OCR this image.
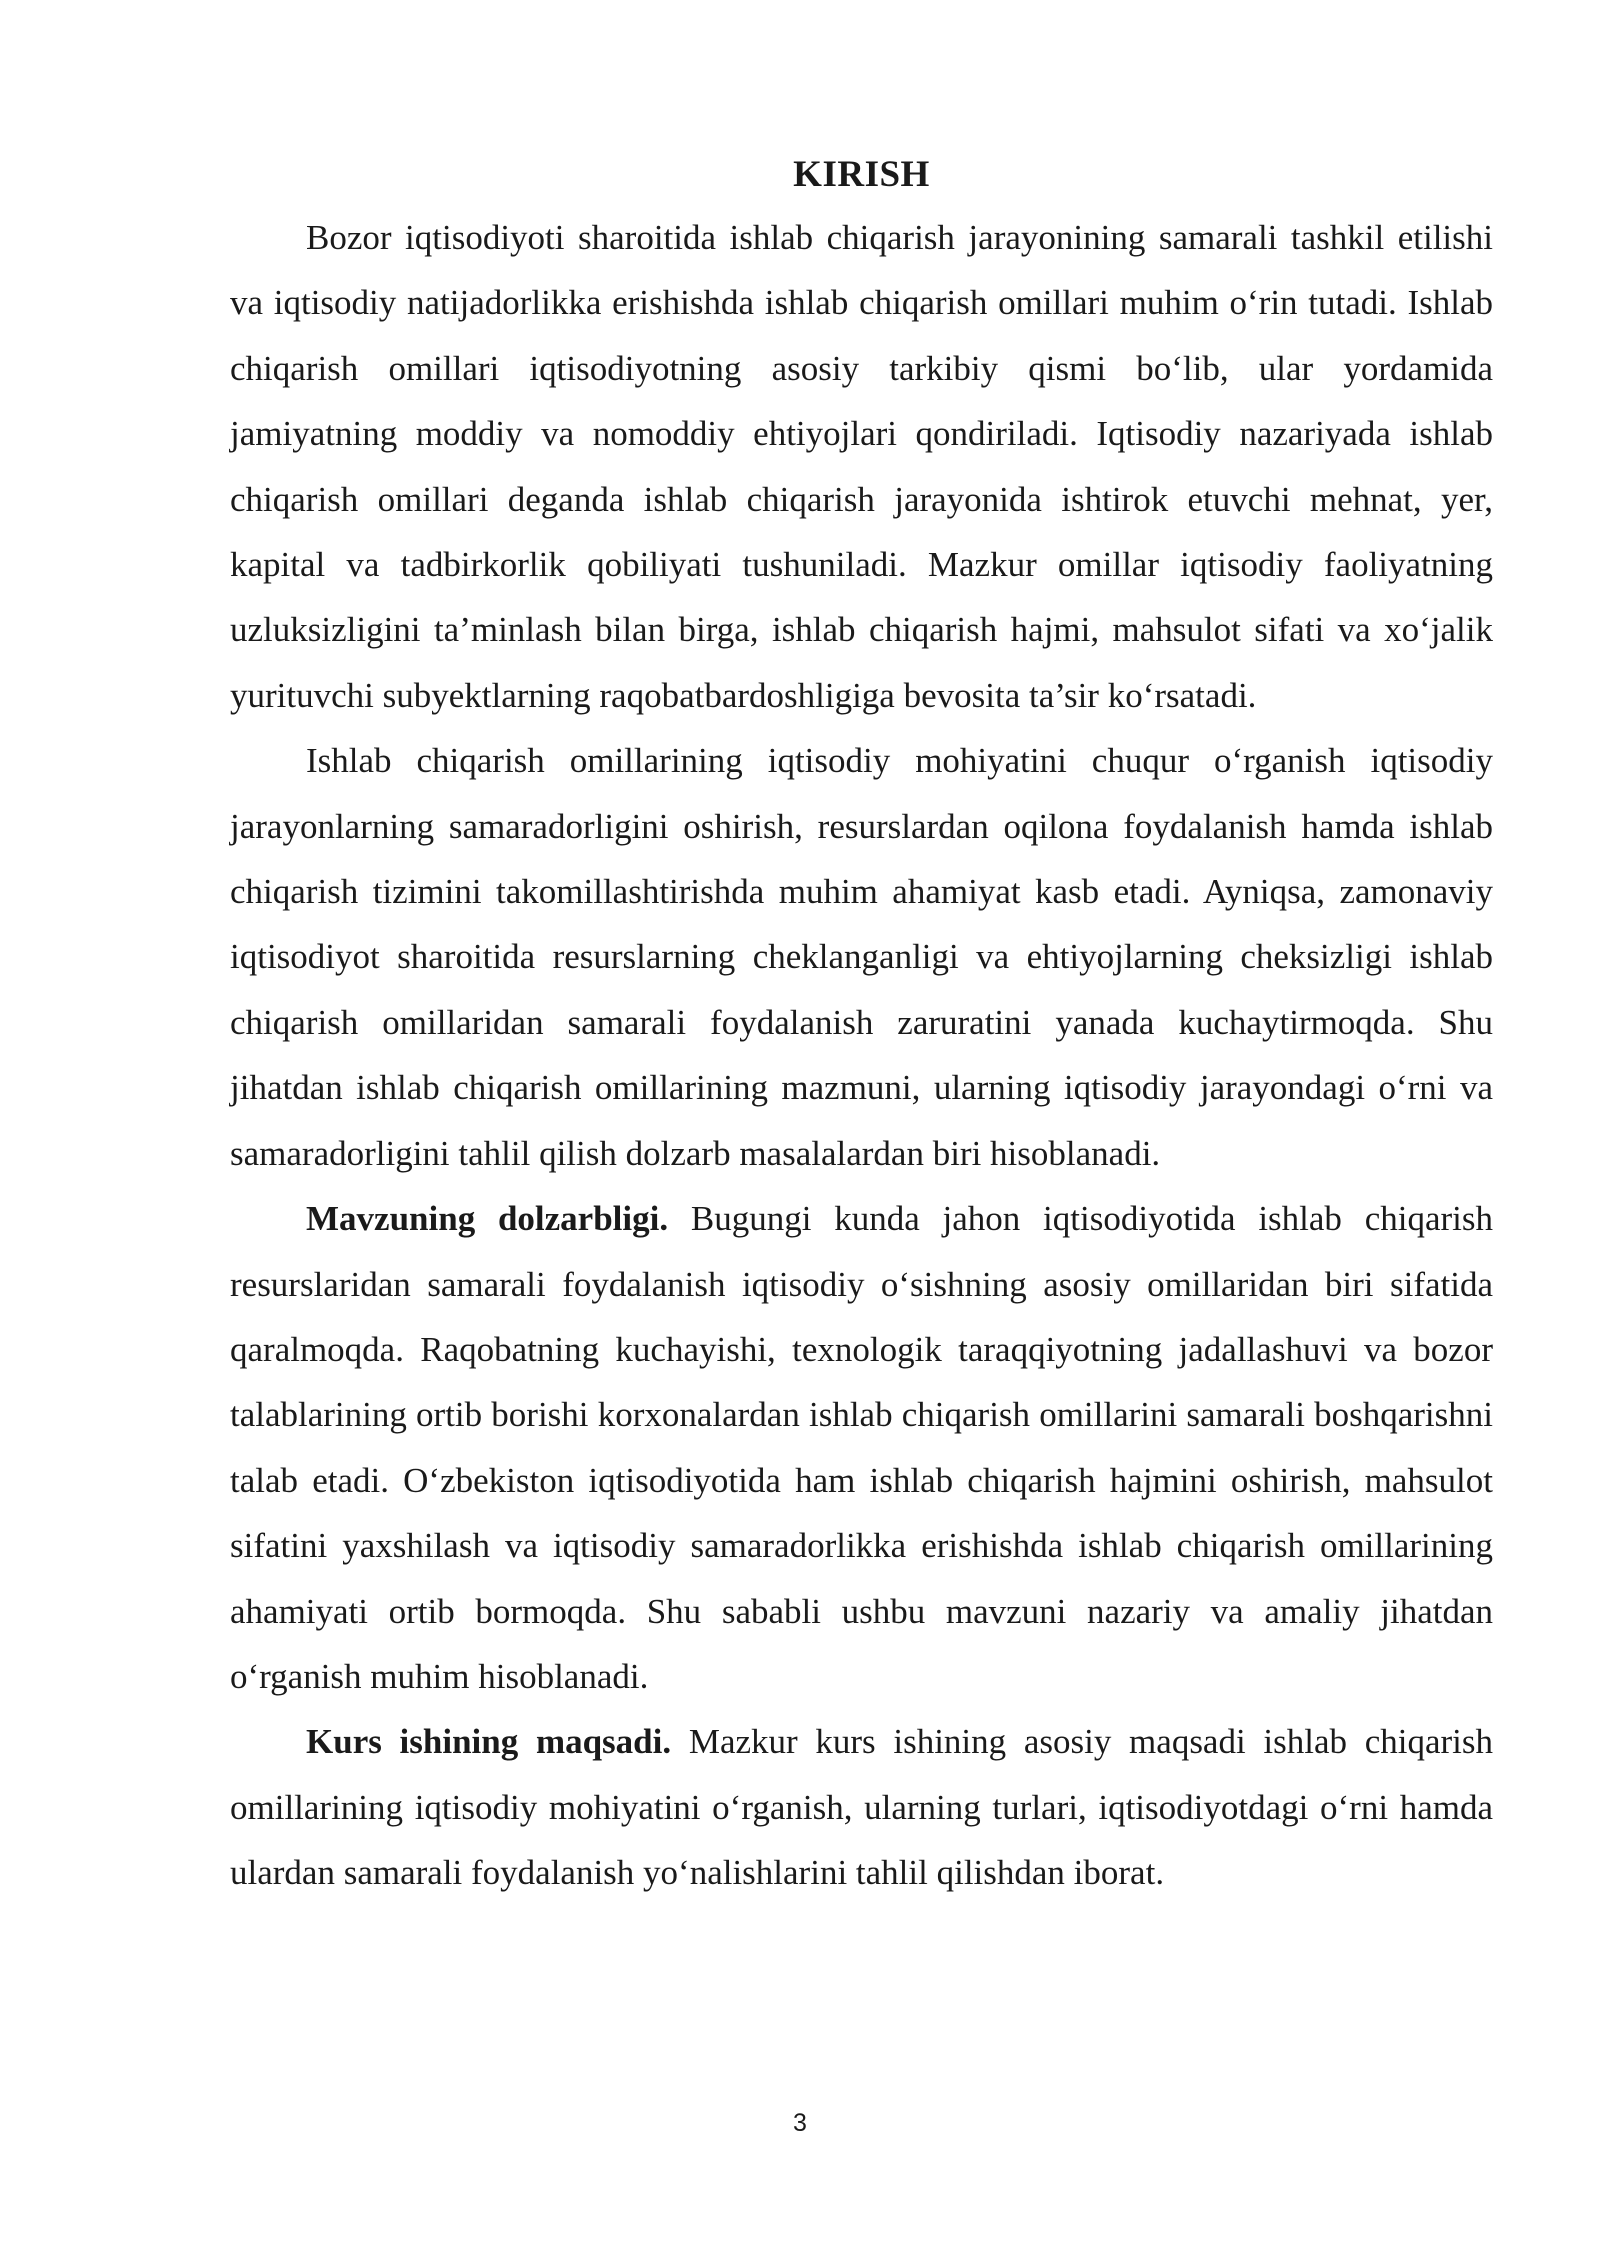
KIRISH

Bozor iqtisodiyoti sharoitida ishlab chiqarish jarayonining samarali tashkil etilishi va iqtisodiy natijadorlikka erishishda ishlab chiqarish omillari muhim o‘rin tutadi. Ishlab chiqarish omillari iqtisodiyotning asosiy tarkibiy qismi bo‘lib, ular yordamida jamiyatning moddiy va nomoddiy ehtiyojlari qondiriladi. Iqtisodiy nazariyada ishlab chiqarish omillari deganda ishlab chiqarish jarayonida ishtirok etuvchi mehnat, yer, kapital va tadbirkorlik qobiliyati tushuniladi. Mazkur omillar iqtisodiy faoliyatning uzluksizligini ta’minlash bilan birga, ishlab chiqarish hajmi, mahsulot sifati va xo‘jalik yurituvchi subyektlarning raqobatbardoshligiga bevosita ta’sir ko‘rsatadi.

Ishlab chiqarish omillarining iqtisodiy mohiyatini chuqur o‘rganish iqtisodiy jarayonlarning samaradorligini oshirish, resurslardan oqilona foydalanish hamda ishlab chiqarish tizimini takomillashtirishda muhim ahamiyat kasb etadi. Ayniqsa, zamonaviy iqtisodiyot sharoitida resurslarning cheklanganligi va ehtiyojlarning cheksizligi ishlab chiqarish omillaridan samarali foydalanish zaruratini yanada kuchaytirmoqda. Shu jihatdan ishlab chiqarish omillarining mazmuni, ularning iqtisodiy jarayondagi o‘rni va samaradorligini tahlil qilish dolzarb masalalardan biri hisoblanadi.

Mavzuning dolzarbligi. Bugungi kunda jahon iqtisodiyotida ishlab chiqarish resurslaridan samarali foydalanish iqtisodiy o‘sishning asosiy omillaridan biri sifatida qaralmoqda. Raqobatning kuchayishi, texnologik taraqqiyotning jadallashuvi va bozor talablarining ortib borishi korxonalardan ishlab chiqarish omillarini samarali boshqarishni talab etadi. O‘zbekiston iqtisodiyotida ham ishlab chiqarish hajmini oshirish, mahsulot sifatini yaxshilash va iqtisodiy samaradorlikka erishishda ishlab chiqarish omillarining ahamiyati ortib bormoqda. Shu sababli ushbu mavzuni nazariy va amaliy jihatdan o‘rganish muhim hisoblanadi.

Kurs ishining maqsadi. Mazkur kurs ishining asosiy maqsadi ishlab chiqarish omillarining iqtisodiy mohiyatini o‘rganish, ularning turlari, iqtisodiyotdagi o‘rni hamda ulardan samarali foydalanish yo‘nalishlarini tahlil qilishdan iborat.

3
